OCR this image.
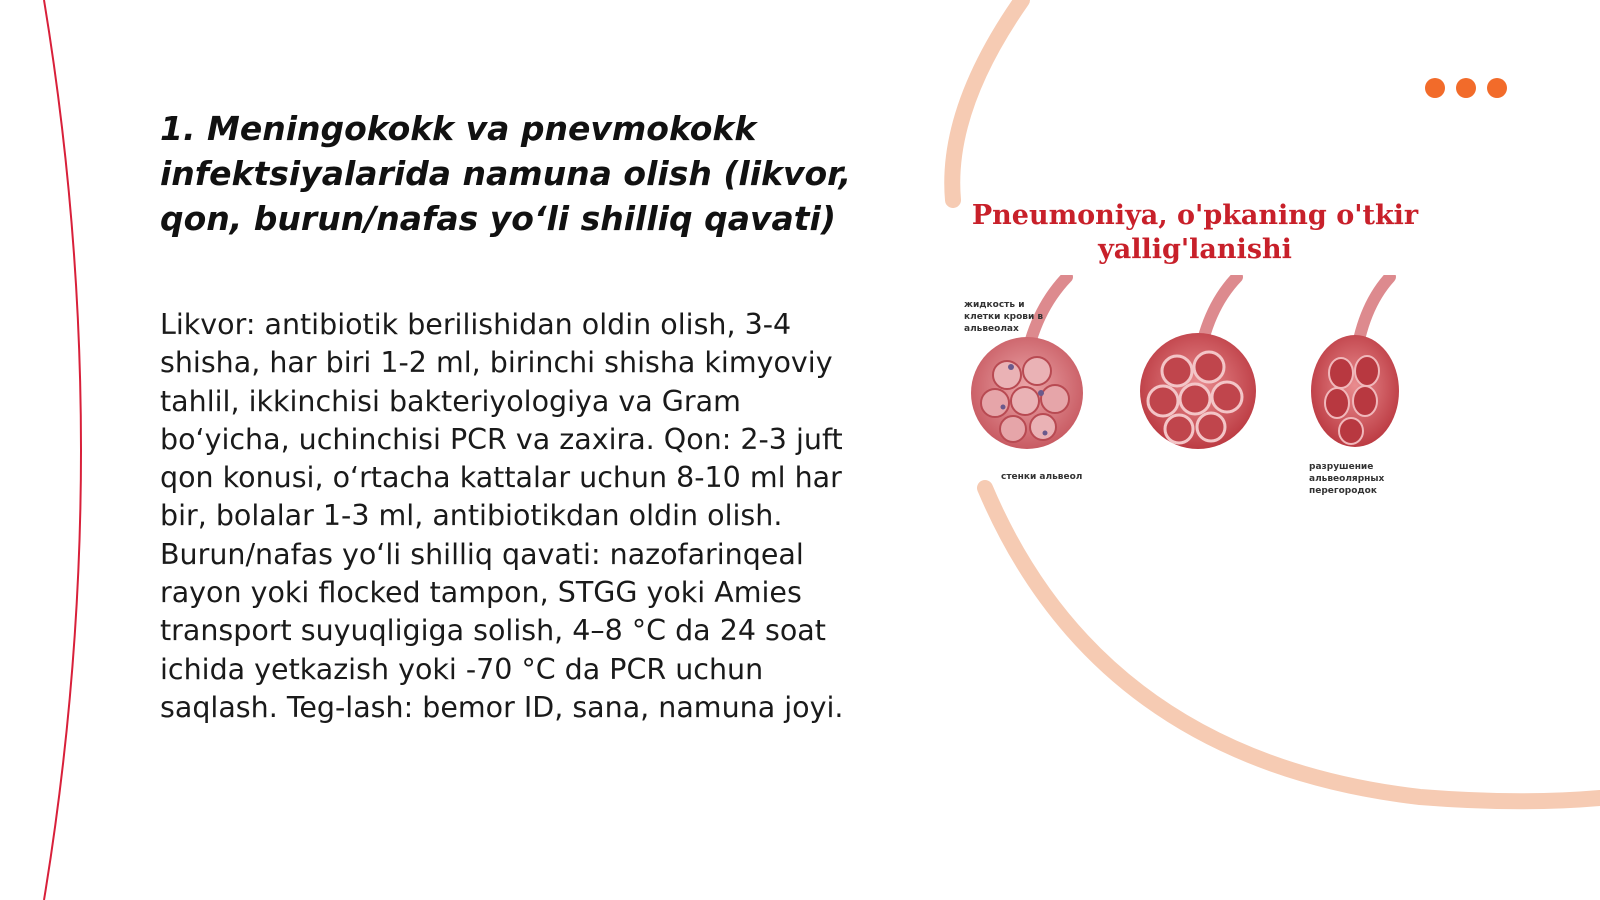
1. Meningokokk va pnevmokokk infektsiyalarida namuna olish (likvor, qon, burun/nafas yo‘li shilliq qavati)

Likvor: antibiotik berilishidan oldin olish, 3-4 shisha, har biri 1-2 ml, birinchi shisha kimyoviy tahlil, ikkinchisi bakteriyologiya va Gram bo‘yicha, uchinchisi PCR va zaxira. Qon: 2-3 juft qon konusi, o‘rtacha kattalar uchun 8-10 ml har bir, bolalar 1-3 ml, antibiotikdan oldin olish. Burun/nafas yo‘li shilliq qavati: nazofarinqeal rayon yoki flocked tampon, STGG yoki Amies transport suyuqligiga solish, 4–8 °C da 24 soat ichida yetkazish yoki -70 °C da PCR uchun saqlash. Teg-lash: bemor ID, sana, namuna joyi.

Pneumoniya, o'pkaning o'tkir yallig'lanishi
жидкость и клетки крови в альвеолах
стенки альвеол
разрушение альвеолярных перегородок
